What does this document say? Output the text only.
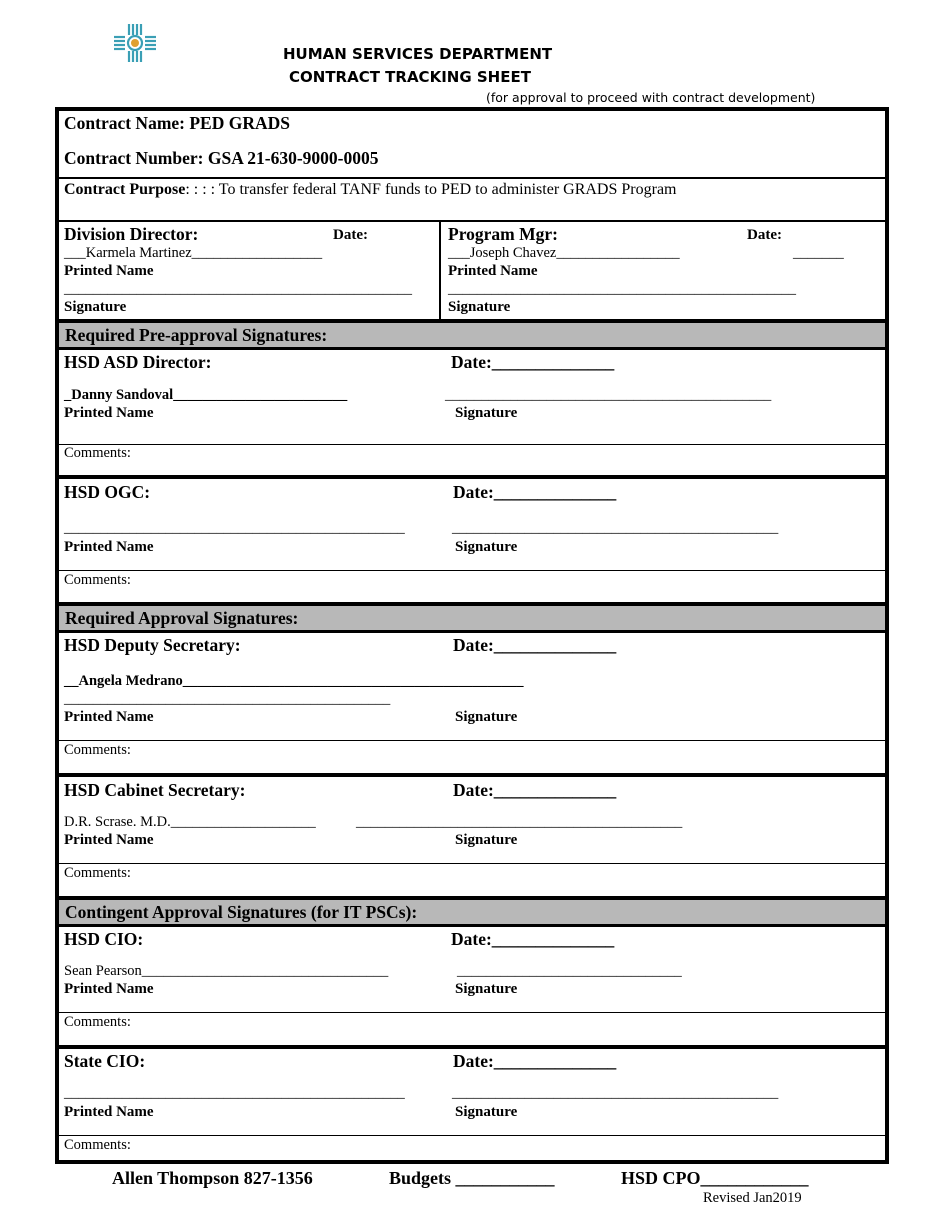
HUMAN SERVICES DEPARTMENT
CONTRACT TRACKING SHEET
(for approval to proceed with contract development)
Contract Name: PED GRADS
Contract Number: GSA 21-630-9000-0005
Contract Purpose: : : : To transfer federal TANF funds to PED to administer GRADS Program
Division Director:	Date:
___Karmela Martinez__________________
Printed Name
________________________________________________
Signature
Program Mgr:	Date:
___Joseph Chavez_________________	_______
Printed Name
________________________________________________
Signature
Required Pre-approval Signatures:
HSD ASD Director:	Date:______________
_Danny Sandoval________________________	_____________________________________________
Printed Name	Signature
Comments:
HSD OGC:	Date:______________
_______________________________________________	_____________________________________________
Printed Name	Signature
Comments:
Required Approval Signatures:
HSD Deputy Secretary:	Date:______________
__Angela Medrano_______________________________________________
_____________________________________________
Printed Name	Signature
Comments:
HSD Cabinet Secretary:	Date:______________
D.R. Scrase. M.D.____________________	_____________________________________________
Printed Name	Signature
Comments:
Contingent Approval Signatures (for IT PSCs):
HSD CIO:	Date:______________
Sean Pearson__________________________________	_______________________________
Printed Name	Signature
Comments:
State CIO:	Date:______________
_______________________________________________	_____________________________________________
Printed Name	Signature
Comments:
Allen Thompson 827-1356	Budgets ___________	HSD CPO____________
Revised Jan2019
